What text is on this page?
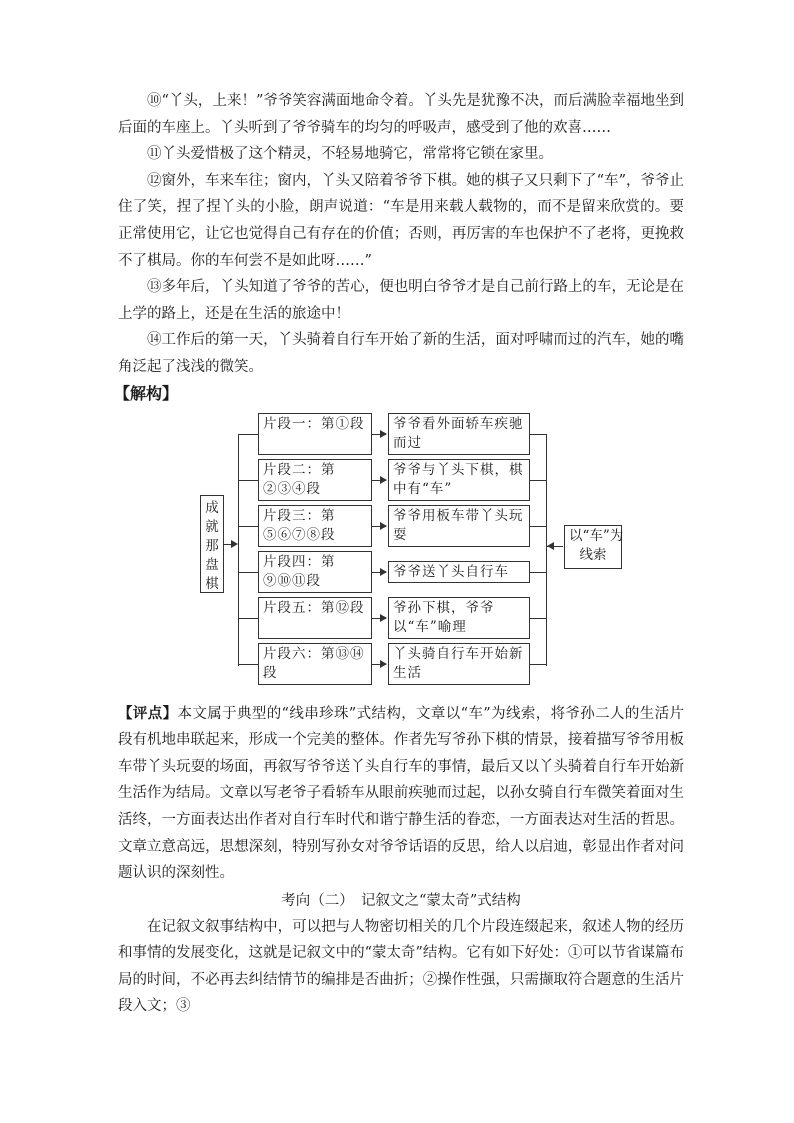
⑩“丫头，上来！”爷爷笑容满面地命令着。丫头先是犹豫不决，而后满脸幸福地坐到后面的车座上。丫头听到了爷爷骑车的均匀的呼吸声，感受到了他的欢喜……

⑪丫头爱惜极了这个精灵，不轻易地骑它，常常将它锁在家里。

⑫窗外，车来车往；窗内，丫头又陪着爷爷下棋。她的棋子又只剩下了“车”，爷爷止住了笑，捏了捏丫头的小脸，朗声说道：“车是用来载人载物的，而不是留来欣赏的。要正常使用它，让它也觉得自己有存在的价值；否则，再厉害的车也保护不了老将，更挽救不了棋局。你的车何尝不是如此呀……”

⑬多年后，丫头知道了爷爷的苦心，便也明白爷爷才是自己前行路上的车，无论是在上学的路上，还是在生活的旅途中！

⑭工作后的第一天，丫头骑着自行车开始了新的生活，面对呼啸而过的汽车，她的嘴角泛起了浅浅的微笑。

【解构】

成就那盘棋
片段一：第①段	爷爷看外面轿车疾驰而过
片段二：第②③④段
爷爷与丫头下棋，棋中有“车”
片段三：第⑤⑥⑦⑧段
爷爷用板车带丫头玩耍
片段四：第⑨⑩⑪段
爷爷送丫头自行车
片段五：第⑫段	爷孙下棋，爷爷以“车”喻理
片段六：第⑬⑭段
丫头骑自行车开始新生活
以“车”为线索

【评点】本文属于典型的“线串珍珠”式结构，文章以“车”为线索，将爷孙二人的生活片段有机地串联起来，形成一个完美的整体。作者先写爷孙下棋的情景，接着描写爷爷用板车带丫头玩耍的场面，再叙写爷爷送丫头自行车的事情，最后又以丫头骑着自行车开始新生活作为结局。文章以写老爷子看轿车从眼前疾驰而过起，以孙女骑自行车微笑着面对生活终，一方面表达出作者对自行车时代和谐宁静生活的眷恋，一方面表达对生活的哲思。文章立意高远，思想深刻，特别写孙女对爷爷话语的反思，给人以启迪，彰显出作者对问题认识的深刻性。

考向（二）　记叙文之“蒙太奇”式结构

在记叙文叙事结构中，可以把与人物密切相关的几个片段连缀起来，叙述人物的经历和事情的发展变化，这就是记叙文中的“蒙太奇”结构。它有如下好处：①可以节省谋篇布局的时间，不必再去纠结情节的编排是否曲折；②操作性强，只需撷取符合题意的生活片段入文；③
